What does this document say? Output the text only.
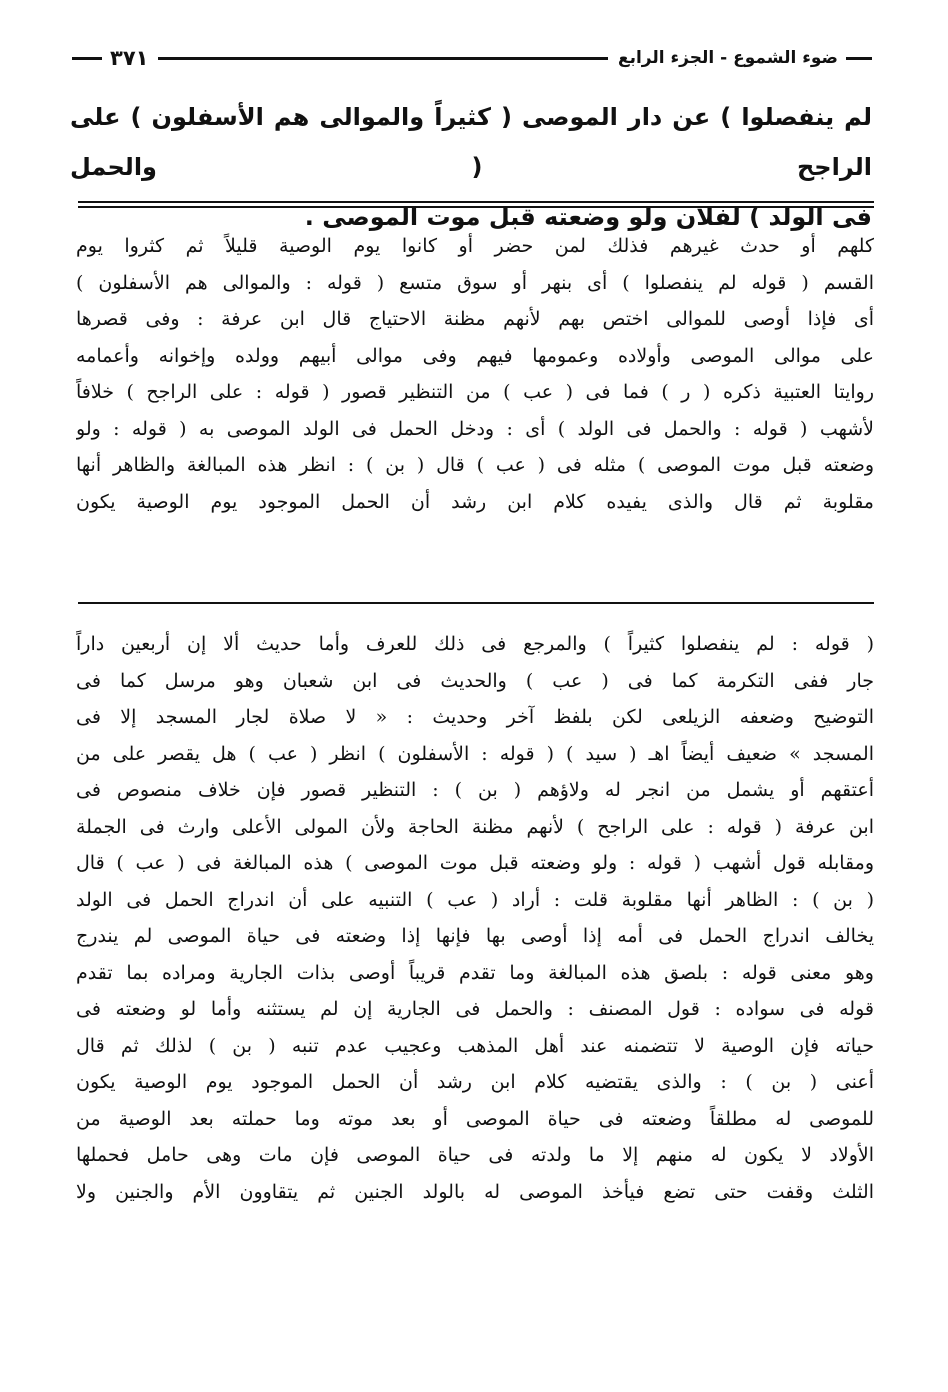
ضوء الشموع - الجزء الرابع
٣٧١

لم ينفصلوا ) عن دار الموصى ( كثيراً والموالى هم الأسفلون ) على الراجح ( والحمل

فى الولد ) لفلان ولو وضعته قبل موت الموصى .

كلهم أو حدث غيرهم فذلك لمن حضر أو كانوا يوم الوصية قليلاً ثم كثروا يوم
القسم ( قوله لم ينفصلوا ) أى بنهر أو سوق متسع ( قوله : والموالى هم الأسفلون )
أى فإذا أوصى للموالى اختص بهم لأنهم مظنة الاحتياج قال ابن عرفة : وفى قصرها
على موالى الموصى وأولاده وعمومها فيهم وفى موالى أبيهم وولده وإخوانه وأعمامه
روايتا العتبية ذكره ( ر ) فما فى ( عب ) من التنظير قصور ( قوله : على الراجح ) خلافاً
لأشهب ( قوله : والحمل فى الولد ) أى : ودخل الحمل فى الولد الموصى به ( قوله : ولو
وضعته قبل موت الموصى ) مثله فى ( عب ) قال ( بن ) : انظر هذه المبالغة والظاهر أنها
مقلوبة ثم قال والذى يفيده كلام ابن رشد أن الحمل الموجود يوم الوصية يكون
( قوله : لم ينفصلوا كثيراً ) والمرجع فى ذلك للعرف وأما حديث ألا إن أربعين داراً
جار ففى التكرمة كما فى ( عب ) والحديث فى ابن شعبان وهو مرسل كما فى
التوضيح وضعفه الزيلعى لكن بلفظ آخر وحديث : « لا صلاة لجار المسجد إلا فى
المسجد » ضعيف أيضاً اهـ ( سيد ) ( قوله : الأسفلون ) انظر ( عب ) هل يقصر على من
أعتقهم أو يشمل من انجر له ولاؤهم ( بن ) : التنظير قصور فإن خلاف منصوص فى
ابن عرفة ( قوله : على الراجح ) لأنهم مظنة الحاجة ولأن المولى الأعلى وارث فى الجملة
ومقابله قول أشهب ( قوله : ولو وضعته قبل موت الموصى ) هذه المبالغة فى ( عب ) قال
( بن ) : الظاهر أنها مقلوبة قلت : أراد ( عب ) التنبيه على أن اندراج الحمل فى الولد
يخالف اندراج الحمل فى أمه إذا أوصى بها فإنها إذا وضعته فى حياة الموصى لم يندرج
وهو معنى قوله : بلصق هذه المبالغة وما تقدم قريباً أوصى بذات الجارية ومراده بما تقدم
قوله فى سواده : قول المصنف : والحمل فى الجارية إن لم يستثنه وأما لو وضعته فى
حياته فإن الوصية لا تتضمنه عند أهل المذهب وعجيب عدم تنبه ( بن ) لذلك ثم قال
أعنى ( بن ) : والذى يقتضيه كلام ابن رشد أن الحمل الموجود يوم الوصية يكون
للموصى له مطلقاً وضعته فى حياة الموصى أو بعد موته وما حملته بعد الوصية من
الأولاد لا يكون له منهم إلا ما ولدته فى حياة الموصى فإن مات وهى حامل فحملها
الثلث وقفت حتى تضع فيأخذ الموصى له بالولد الجنين ثم يتقاوون الأم والجنين ولا
